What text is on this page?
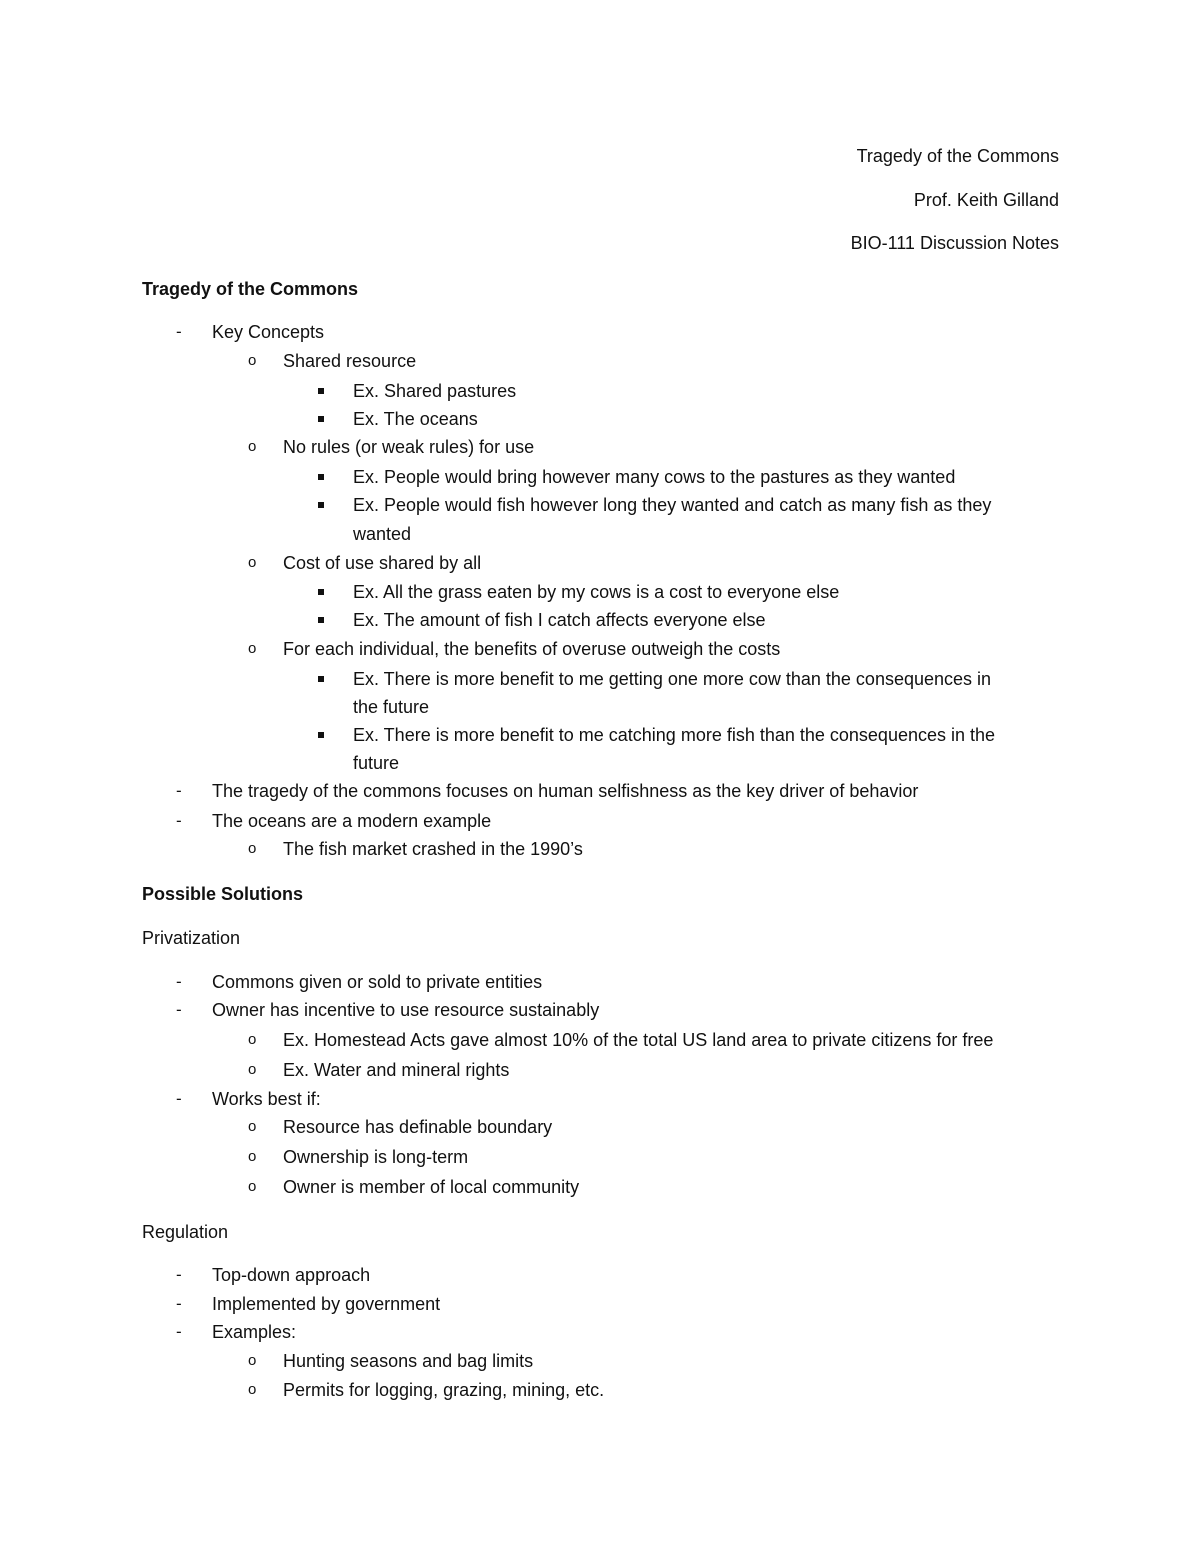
Tragedy of the Commons
Prof. Keith Gilland
BIO-111 Discussion Notes
Tragedy of the Commons
- Key Concepts
o Shared resource
Ex. Shared pastures
Ex. The oceans
o No rules (or weak rules) for use
Ex. People would bring however many cows to the pastures as they wanted
Ex. People would fish however long they wanted and catch as many fish as they
wanted
o Cost of use shared by all
Ex. All the grass eaten by my cows is a cost to everyone else
Ex. The amount of fish I catch affects everyone else
o For each individual, the benefits of overuse outweigh the costs
Ex. There is more benefit to me getting one more cow than the consequences in
the future
Ex. There is more benefit to me catching more fish than the consequences in the
future
- The tragedy of the commons focuses on human selfishness as the key driver of behavior
- The oceans are a modern example
o The fish market crashed in the 1990’s
Possible Solutions
Privatization
- Commons given or sold to private entities
- Owner has incentive to use resource sustainably
o Ex. Homestead Acts gave almost 10% of the total US land area to private citizens for free
o Ex. Water and mineral rights
- Works best if:
o Resource has definable boundary
o Ownership is long-term
o Owner is member of local community
Regulation
- Top-down approach
- Implemented by government
- Examples:
o Hunting seasons and bag limits
o Permits for logging, grazing, mining, etc.
